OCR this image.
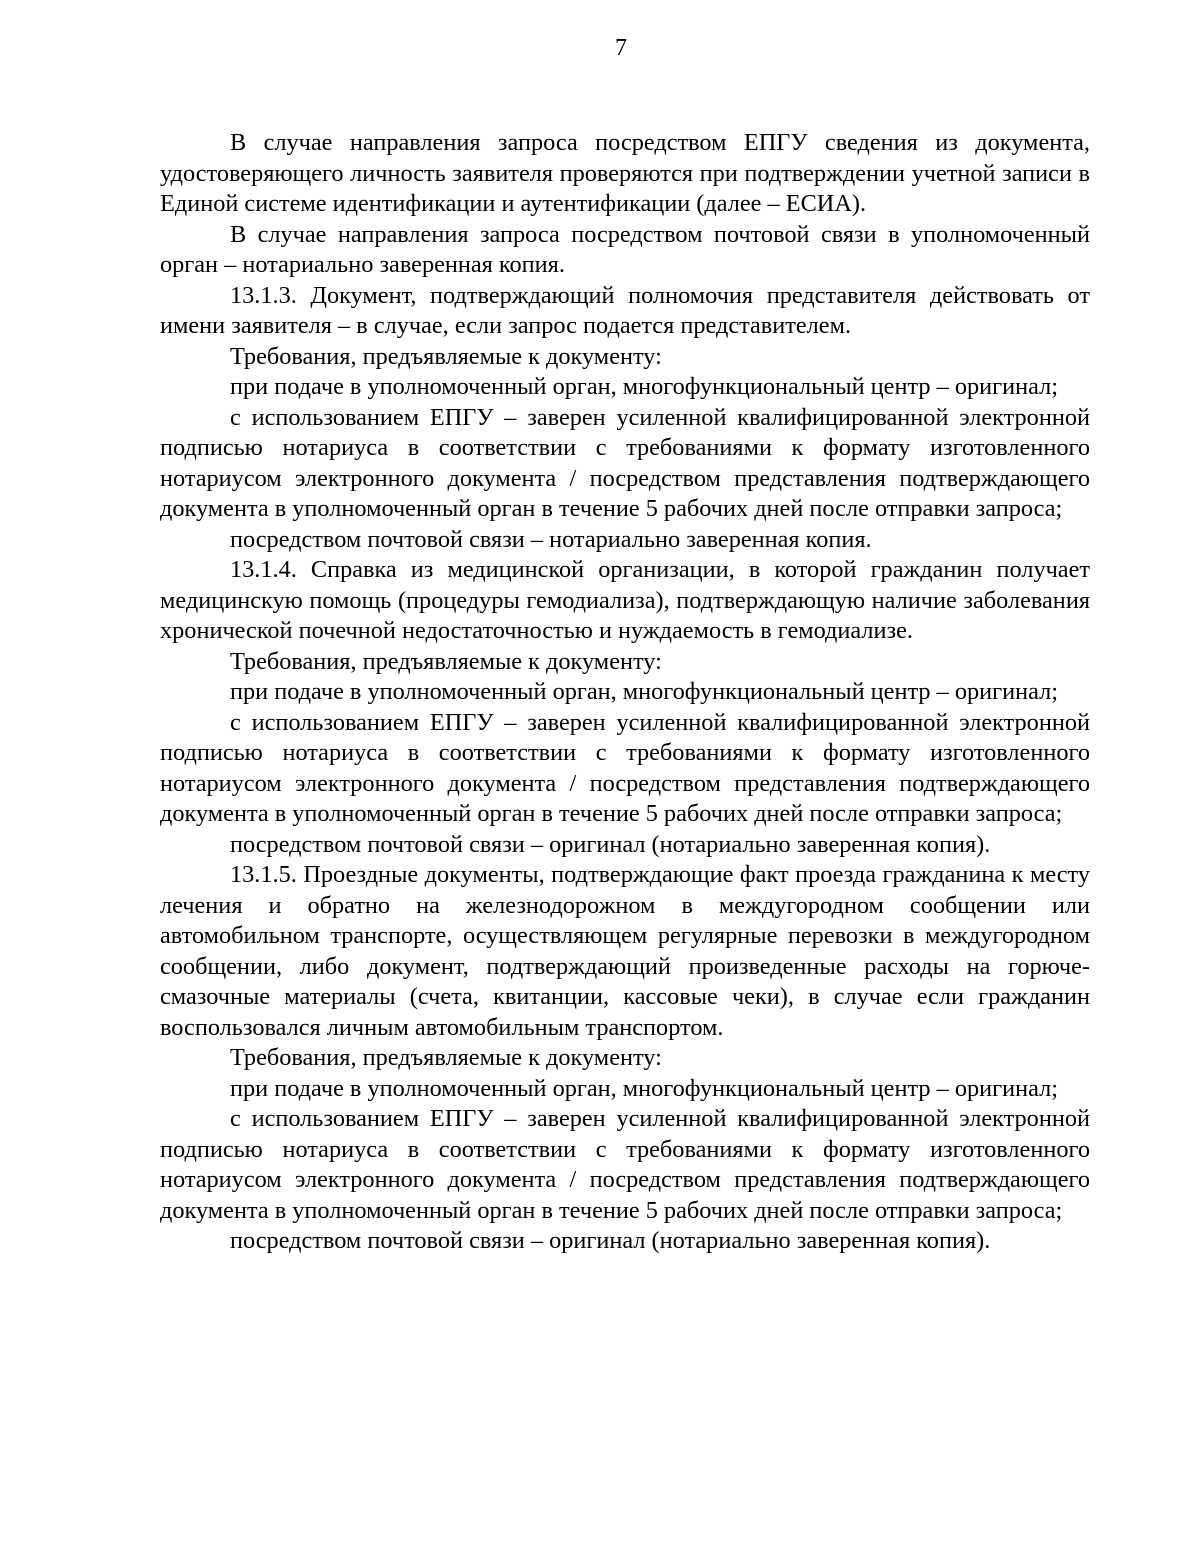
7

В случае направления запроса посредством ЕПГУ сведения из документа, удостоверяющего личность заявителя проверяются при подтверждении учетной записи в Единой системе идентификации и аутентификации (далее – ЕСИА).

В случае направления запроса посредством почтовой связи в уполномоченный орган – нотариально заверенная копия.

13.1.3. Документ, подтверждающий полномочия представителя действовать от имени заявителя – в случае, если запрос подается представителем.

Требования, предъявляемые к документу:

при подаче в уполномоченный орган, многофункциональный центр – оригинал;

с использованием ЕПГУ – заверен усиленной квалифицированной электронной подписью нотариуса в соответствии с требованиями к формату изготовленного нотариусом электронного документа / посредством представления подтверждающего документа в уполномоченный орган в течение 5 рабочих дней после отправки запроса;

посредством почтовой связи – нотариально заверенная копия.

13.1.4. Справка из медицинской организации, в которой гражданин получает медицинскую помощь (процедуры гемодиализа), подтверждающую наличие заболевания хронической почечной недостаточностью и нуждаемость в гемодиализе.

Требования, предъявляемые к документу:

при подаче в уполномоченный орган, многофункциональный центр – оригинал;

с использованием ЕПГУ – заверен усиленной квалифицированной электронной подписью нотариуса в соответствии с требованиями к формату изготовленного нотариусом электронного документа / посредством представления подтверждающего документа в уполномоченный орган в течение 5 рабочих дней после отправки запроса;

посредством почтовой связи – оригинал (нотариально заверенная копия).

13.1.5. Проездные документы, подтверждающие факт проезда гражданина к месту лечения и обратно на железнодорожном в междугородном сообщении или автомобильном транспорте, осуществляющем регулярные перевозки в междугородном сообщении, либо документ, подтверждающий произведенные расходы на горюче-смазочные материалы (счета, квитанции, кассовые чеки), в случае если гражданин воспользовался личным автомобильным транспортом.

Требования, предъявляемые к документу:

при подаче в уполномоченный орган, многофункциональный центр – оригинал;

с использованием ЕПГУ – заверен усиленной квалифицированной электронной подписью нотариуса в соответствии с требованиями к формату изготовленного нотариусом электронного документа / посредством представления подтверждающего документа в уполномоченный орган в течение 5 рабочих дней после отправки запроса;

посредством почтовой связи – оригинал (нотариально заверенная копия).
